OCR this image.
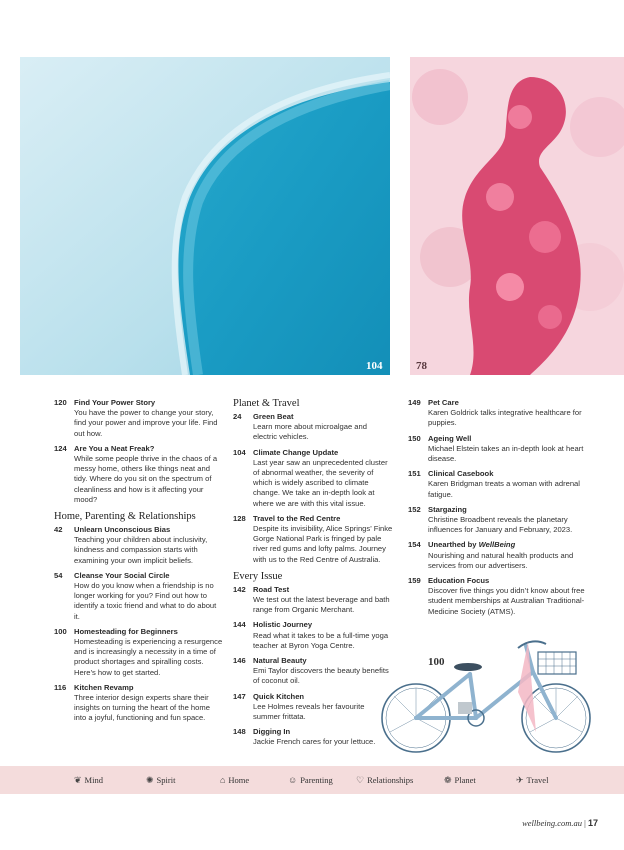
104	78
120 Find Your Power Story
You have the power to change your story, find your power and improve your life. Find out how.
124 Are You a Neat Freak?
While some people thrive in the chaos of a messy home, others like things neat and tidy. Where do you sit on the spectrum of cleanliness and how is it affecting your mood?
Home, Parenting & Relationships
42	Unlearn Unconscious Bias
Teaching your children about inclusivity, kindness and compassion starts with examining your own implicit beliefs.
54	Cleanse Your Social Circle
How do you know when a friendship is no longer working for you? Find out how to identify a toxic friend and what to do about it.
100 Homesteading for Beginners
Homesteading is experiencing a resurgence and is increasingly a necessity in a time of product shortages and spiralling costs. Here’s how to get started.
116	Kitchen Revamp
Three interior design experts share their insights on turning the heart of the home into a joyful, functioning and fun space.
Planet & Travel
24	Green Beat
Learn more about microalgae and electric vehicles.
104 Climate Change Update
Last year saw an unprecedented cluster of abnormal weather, the severity of which is widely ascribed to climate change. We take an in-depth look at where we are with this vital issue.
128 Travel to the Red Centre
Despite its invisibility, Alice Springs’ Finke Gorge National Park is fringed by pale river red gums and lofty palms. Journey with us to the Red Centre of Australia.
Every Issue
142 Road Test
We test out the latest beverage and bath range from Organic Merchant.
144 Holistic Journey
Read what it takes to be a full-time yoga teacher at Byron Yoga Centre.
146 Natural Beauty
Emi Taylor discovers the beauty benefits of coconut oil.
147 Quick Kitchen
Lee Holmes reveals her favourite summer frittata.
148 Digging In
Jackie French cares for your lettuce.
149 Pet Care
Karen Goldrick talks integrative healthcare for puppies.
150 Ageing Well
Michael Elstein takes an in-depth look at heart disease.
151 Clinical Casebook
Karen Bridgman treats a woman with adrenal fatigue.
152 Stargazing
Christine Broadbent reveals the planetary influences for January and February, 2023.
154 Unearthed by WellBeing
Nourishing and natural health products and services from our advertisers.
159 Education Focus
Discover five things you didn’t know about free student memberships at Australian Traditional-Medicine Society (ATMS).
100
❦ Mind	✺ Spirit	⌂ Home	☺ Parenting	♡ Relationships	❁ Planet	✈ Travel
wellbeing.com.au | 17
